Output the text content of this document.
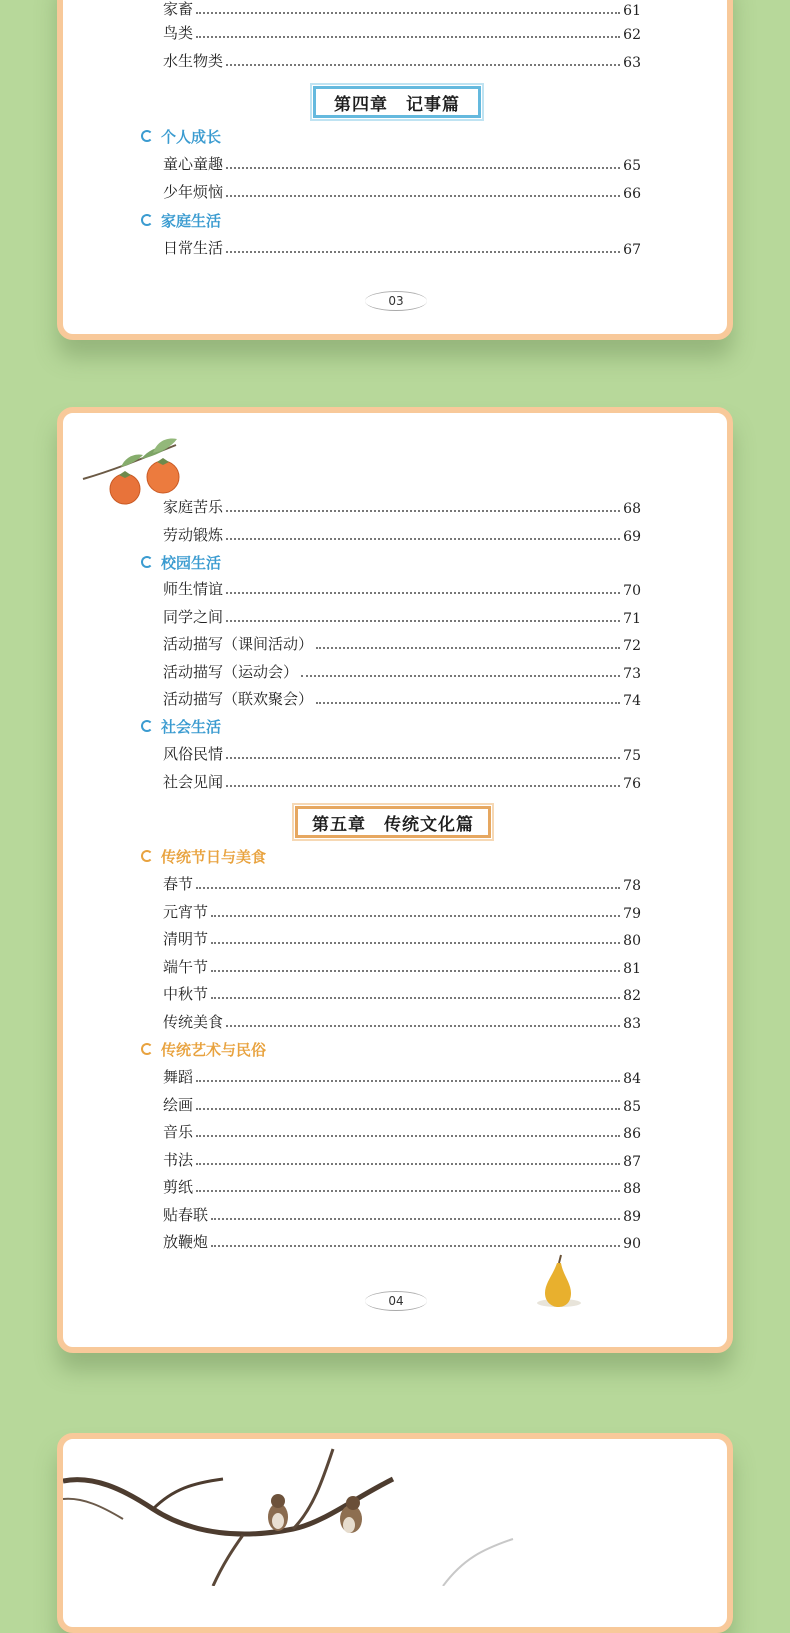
家畜	61
鸟类	62
水生物类	63
第四章　记事篇
个人成长
童心童趣	65
少年烦恼	66
家庭生活
日常生活	67
03
家庭苦乐	68
劳动锻炼	69
校园生活
师生情谊	70
同学之间	71
活动描写（课间活动）	72
活动描写（运动会）	73
活动描写（联欢聚会）	74
社会生活
风俗民情	75
社会见闻	76
第五章　传统文化篇
传统节日与美食
春节	78
元宵节	79
清明节	80
端午节	81
中秋节	82
传统美食	83
传统艺术与民俗
舞蹈	84
绘画	85
音乐	86
书法	87
剪纸	88
贴春联	89
放鞭炮	90
04
